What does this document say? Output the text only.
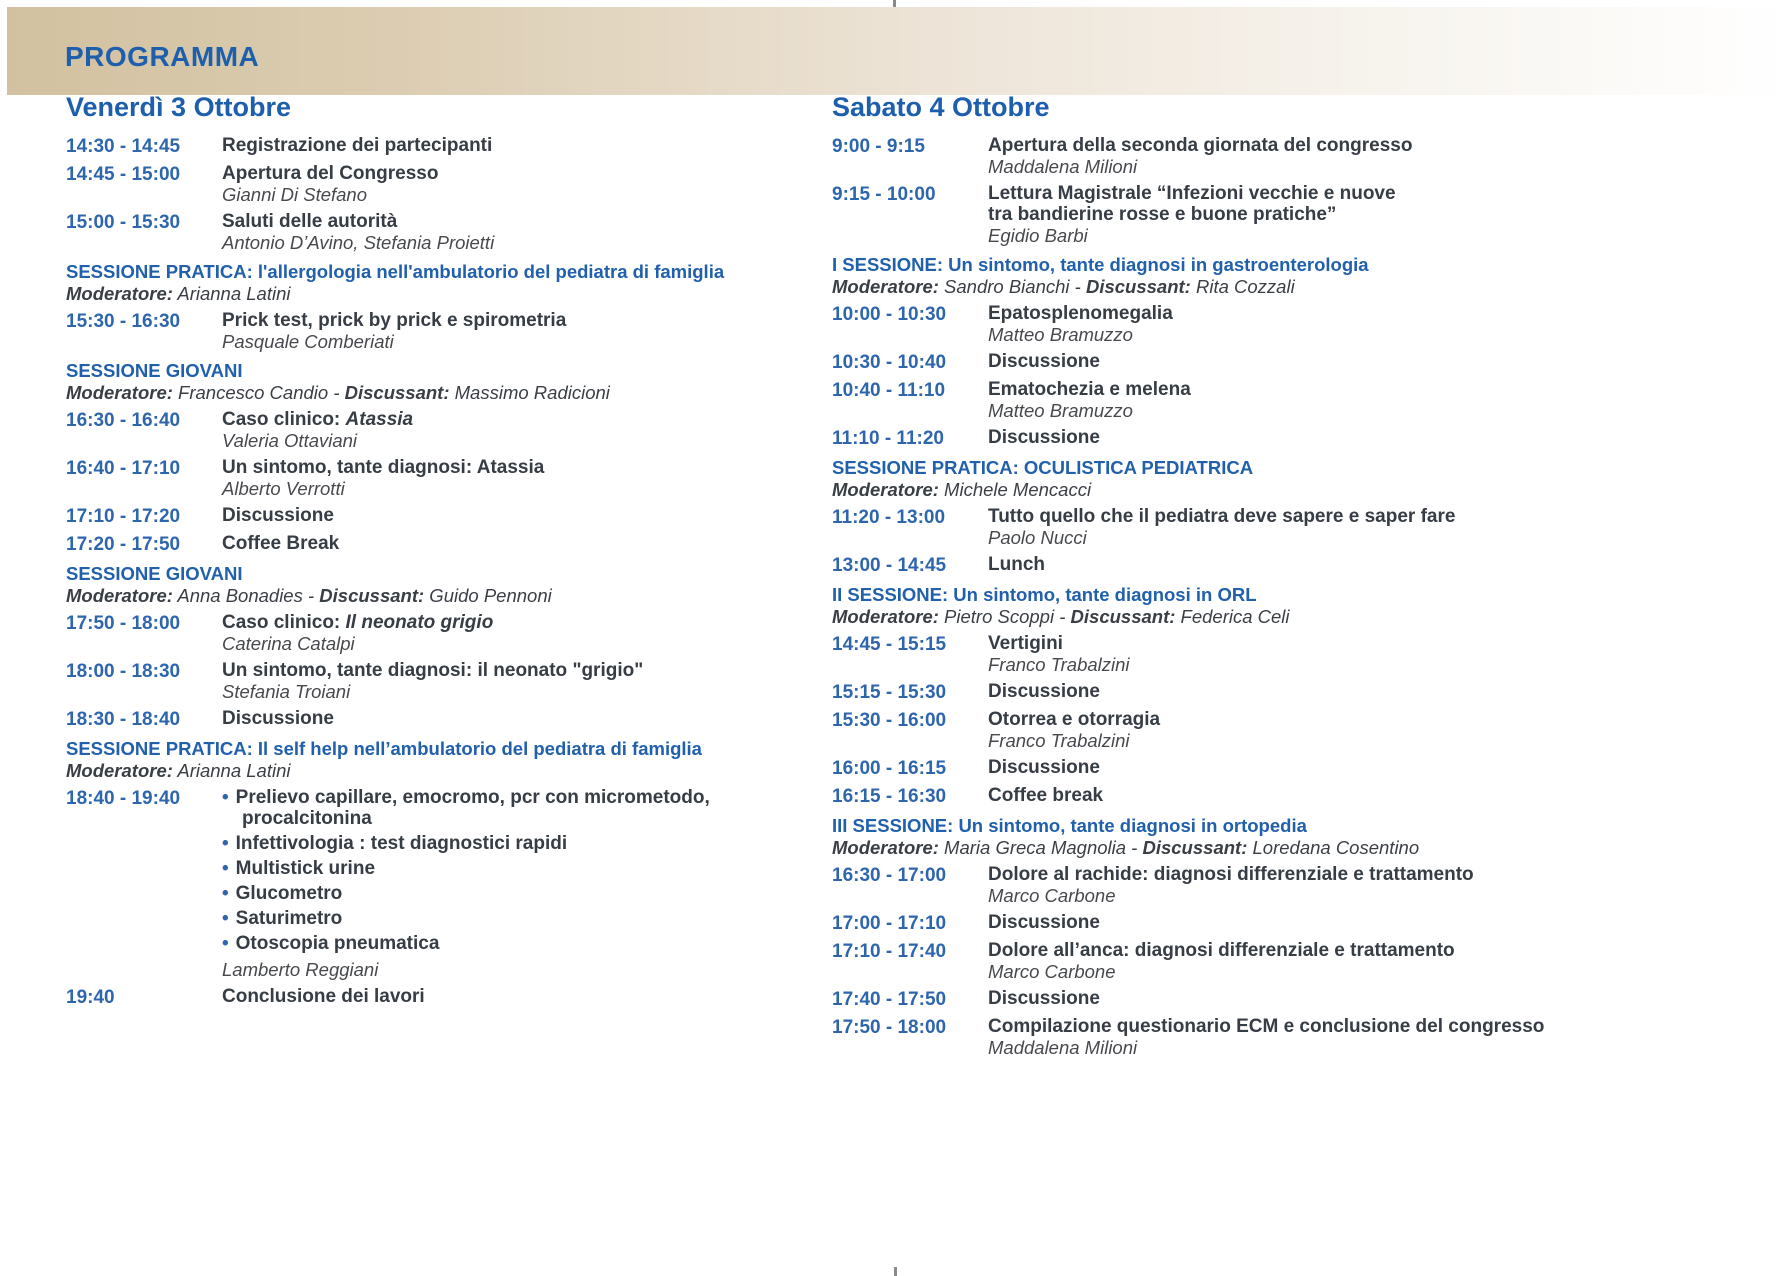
PROGRAMMA
Venerdì 3 Ottobre
14:30 - 14:45	Registrazione dei partecipanti
14:45 - 15:00	Apertura del Congresso
Gianni Di Stefano
15:00 - 15:30	Saluti delle autorità
Antonio D’Avino, Stefania Proietti
SESSIONE PRATICA: l'allergologia nell'ambulatorio del pediatra di famiglia
Moderatore: Arianna Latini
15:30 - 16:30	Prick test, prick by prick e spirometria
Pasquale Comberiati
SESSIONE GIOVANI
Moderatore: Francesco Candio - Discussant: Massimo Radicioni
16:30 - 16:40	Caso clinico: Atassia
Valeria Ottaviani
16:40 - 17:10	Un sintomo, tante diagnosi: Atassia
Alberto Verrotti
17:10 - 17:20	Discussione
17:20 - 17:50	Coffee Break
SESSIONE GIOVANI
Moderatore: Anna Bonadies - Discussant: Guido Pennoni
17:50 - 18:00	Caso clinico: Il neonato grigio
Caterina Catalpi
18:00 - 18:30	Un sintomo, tante diagnosi: il neonato "grigio"
Stefania Troiani
18:30 - 18:40	Discussione
SESSIONE PRATICA: Il self help nell’ambulatorio del pediatra di famiglia
Moderatore: Arianna Latini
18:40 - 19:40	• Prelievo capillare, emocromo, pcr con micrometodo, procalcitonina
• Infettivologia : test diagnostici rapidi
• Multistick urine
• Glucometro
• Saturimetro
• Otoscopia pneumatica
Lamberto Reggiani
19:40	Conclusione dei lavori
Sabato 4 Ottobre
9:00 - 9:15	Apertura della seconda giornata del congresso
Maddalena Milioni
9:15 - 10:00	Lettura Magistrale “Infezioni vecchie e nuove
tra bandierine rosse e buone pratiche”
Egidio Barbi
I SESSIONE: Un sintomo, tante diagnosi in gastroenterologia
Moderatore: Sandro Bianchi - Discussant: Rita Cozzali
10:00 - 10:30	Epatosplenomegalia
Matteo Bramuzzo
10:30 - 10:40	Discussione
10:40 - 11:10	Ematochezia e melena
Matteo Bramuzzo
11:10 - 11:20	Discussione
SESSIONE PRATICA: OCULISTICA PEDIATRICA
Moderatore: Michele Mencacci
11:20 - 13:00	Tutto quello che il pediatra deve sapere e saper fare
Paolo Nucci
13:00 - 14:45	Lunch
II SESSIONE: Un sintomo, tante diagnosi in ORL
Moderatore: Pietro Scoppi - Discussant: Federica Celi
14:45 - 15:15	Vertigini
Franco Trabalzini
15:15 - 15:30	Discussione
15:30 - 16:00	Otorrea e otorragia
Franco Trabalzini
16:00 - 16:15	Discussione
16:15 - 16:30	Coffee break
III SESSIONE: Un sintomo, tante diagnosi in ortopedia
Moderatore: Maria Greca Magnolia - Discussant: Loredana Cosentino
16:30 - 17:00	Dolore al rachide: diagnosi differenziale e trattamento
Marco Carbone
17:00 - 17:10	Discussione
17:10 - 17:40	Dolore all’anca: diagnosi differenziale e trattamento
Marco Carbone
17:40 - 17:50	Discussione
17:50 - 18:00	Compilazione questionario ECM e conclusione del congresso
Maddalena Milioni
